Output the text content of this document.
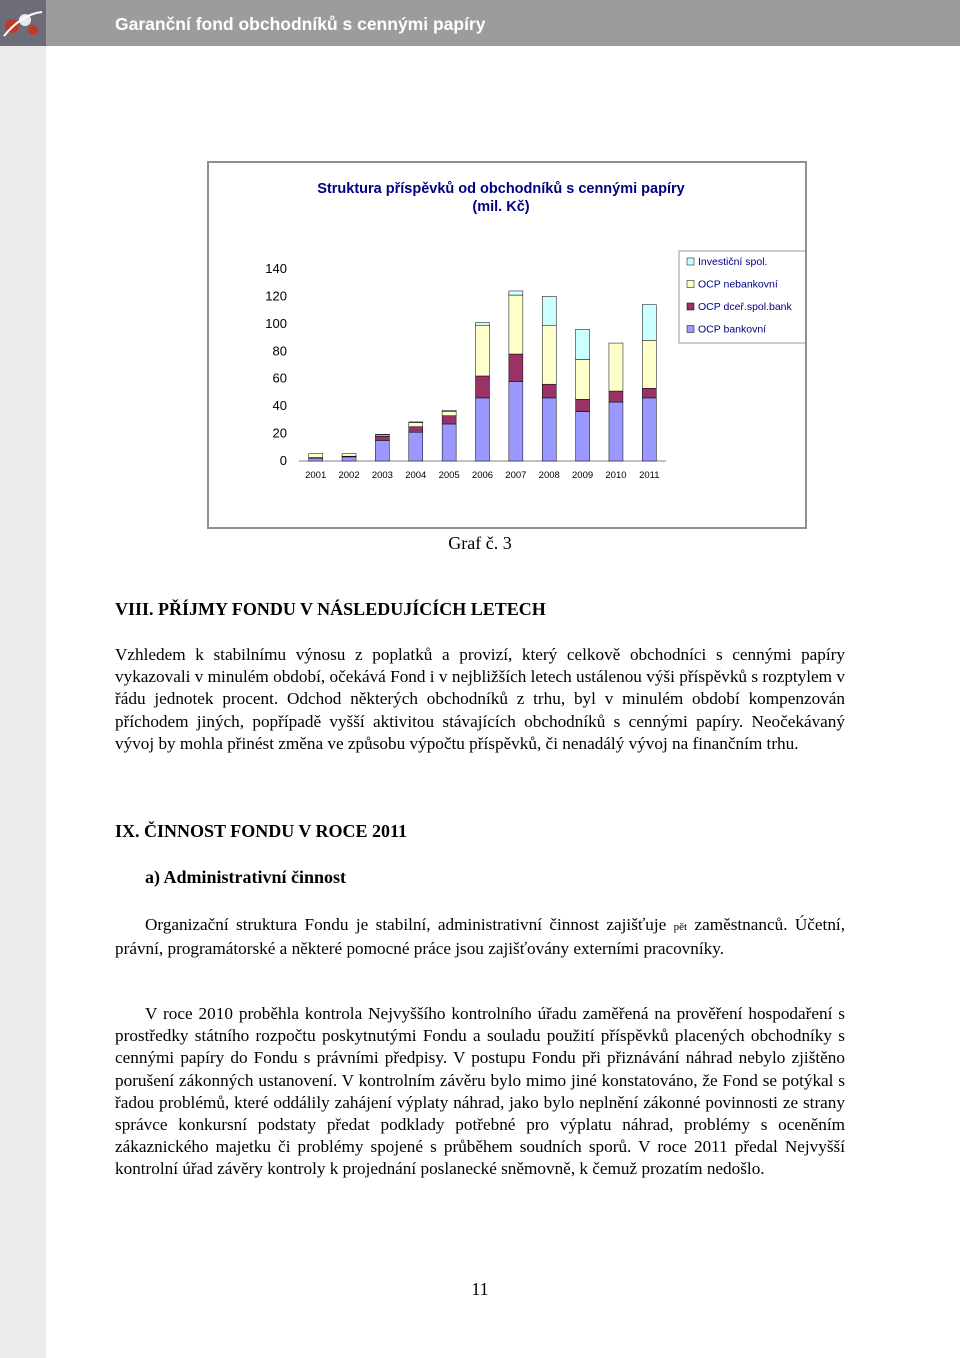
Garanční fond obchodníků s cennými papíry
Struktura příspěvků od obchodníků s cennými papíry
(mil. Kč)
0
20
40
60
80
100
120
140
2001 2002 2003 2004 2005 2006 2007 2008 2009 2010 2011
Investiční spol.
OCP nebankovní
OCP dceř.spol.bank
OCP bankovní
Graf č. 3
VIII. PŘÍJMY FONDU V NÁSLEDUJÍCÍCH LETECH

Vzhledem k stabilnímu výnosu z poplatků a provizí, který celkově obchodníci s cennými papíry vykazovali v minulém období, očekává Fond i v nejbližších letech ustálenou výši příspěvků s rozptylem v řádu jednotek procent. Odchod některých obchodníků z trhu, byl v minulém období kompenzován příchodem jiných, popřípadě vyšší aktivitou stávajících obchodníků s cennými papíry. Neočekávaný vývoj by mohla přinést změna ve způsobu výpočtu příspěvků, či nenadálý vývoj na finančním trhu.

IX. ČINNOST FONDU V ROCE 2011
a) Administrativní činnost

Organizační struktura Fondu je stabilní, administrativní činnost zajišťuje pět zaměstnanců. Účetní, právní, programátorské a některé pomocné práce jsou zajišťovány externími pracovníky.

V roce 2010 proběhla kontrola Nejvyššího kontrolního úřadu zaměřená na prověření hospodaření s prostředky státního rozpočtu poskytnutými Fondu a souladu použití příspěvků placených obchodníky s cennými papíry do Fondu s právními předpisy. V postupu Fondu při přiznávání náhrad nebylo zjištěno porušení zákonných ustanovení. V kontrolním závěru bylo mimo jiné konstatováno, že Fond se potýkal s řadou problémů, které oddálily zahájení výplaty náhrad, jako bylo neplnění zákonné povinnosti ze strany správce konkursní podstaty předat podklady potřebné pro výplatu náhrad, problémy s oceněním zákaznického majetku či problémy spojené s průběhem soudních sporů. V roce 2011 předal Nejvyšší kontrolní úřad závěry kontroly k projednání poslanecké sněmovně, k čemuž prozatím nedošlo.

11
